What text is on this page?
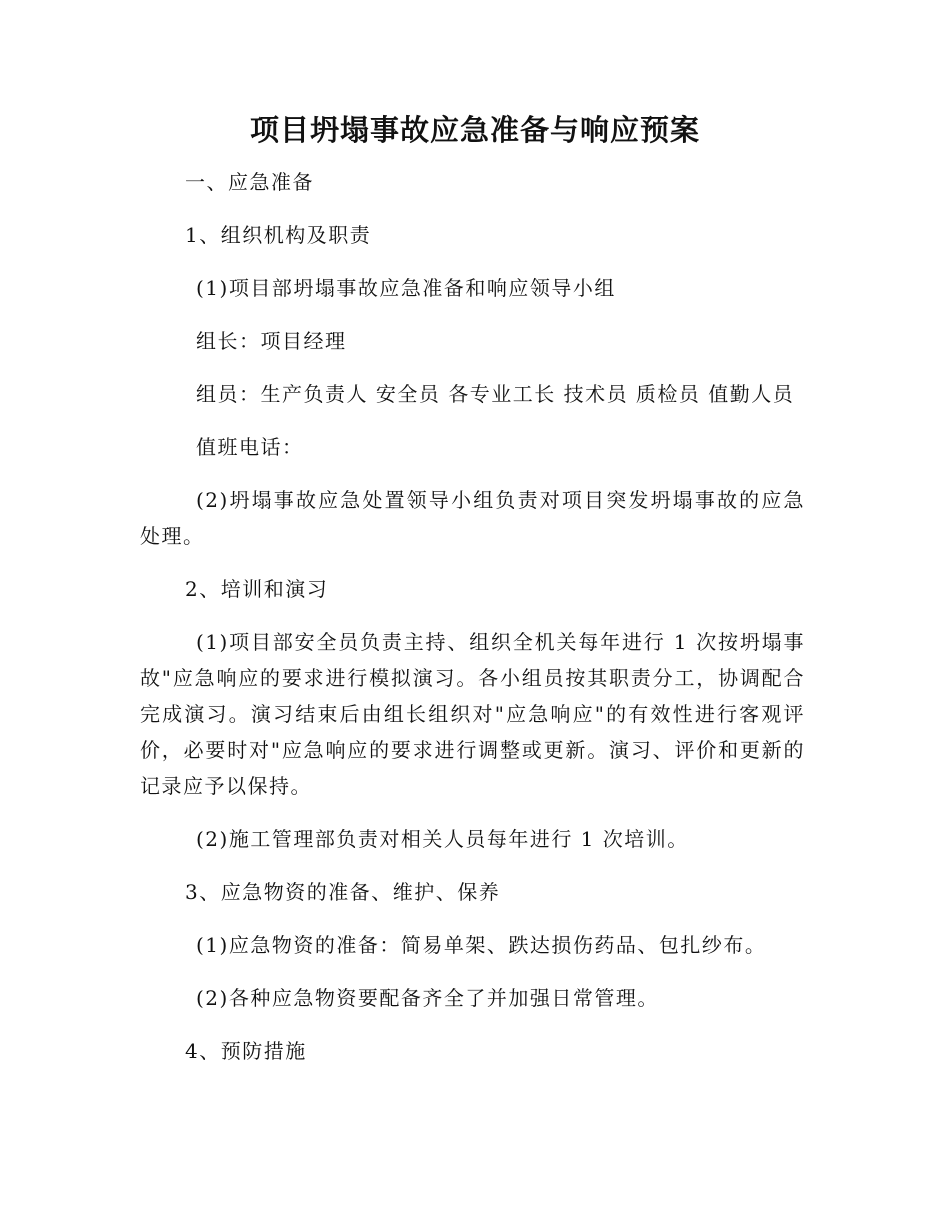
项目坍塌事故应急准备与响应预案

一、应急准备

1、组织机构及职责

(1)项目部坍塌事故应急准备和响应领导小组

组长：项目经理

组员：生产负责人 安全员 各专业工长 技术员 质检员 值勤人员

值班电话：

(2)坍塌事故应急处置领导小组负责对项目突发坍塌事故的应急处理。

2、培训和演习

(1)项目部安全员负责主持、组织全机关每年进行 1 次按坍塌事故"应急响应的要求进行模拟演习。各小组员按其职责分工，协调配合完成演习。演习结束后由组长组织对"应急响应"的有效性进行客观评价，必要时对"应急响应的要求进行调整或更新。演习、评价和更新的记录应予以保持。

(2)施工管理部负责对相关人员每年进行 1 次培训。

3、应急物资的准备、维护、保养

(1)应急物资的准备：简易单架、跌达损伤药品、包扎纱布。

(2)各种应急物资要配备齐全了并加强日常管理。

4、预防措施
